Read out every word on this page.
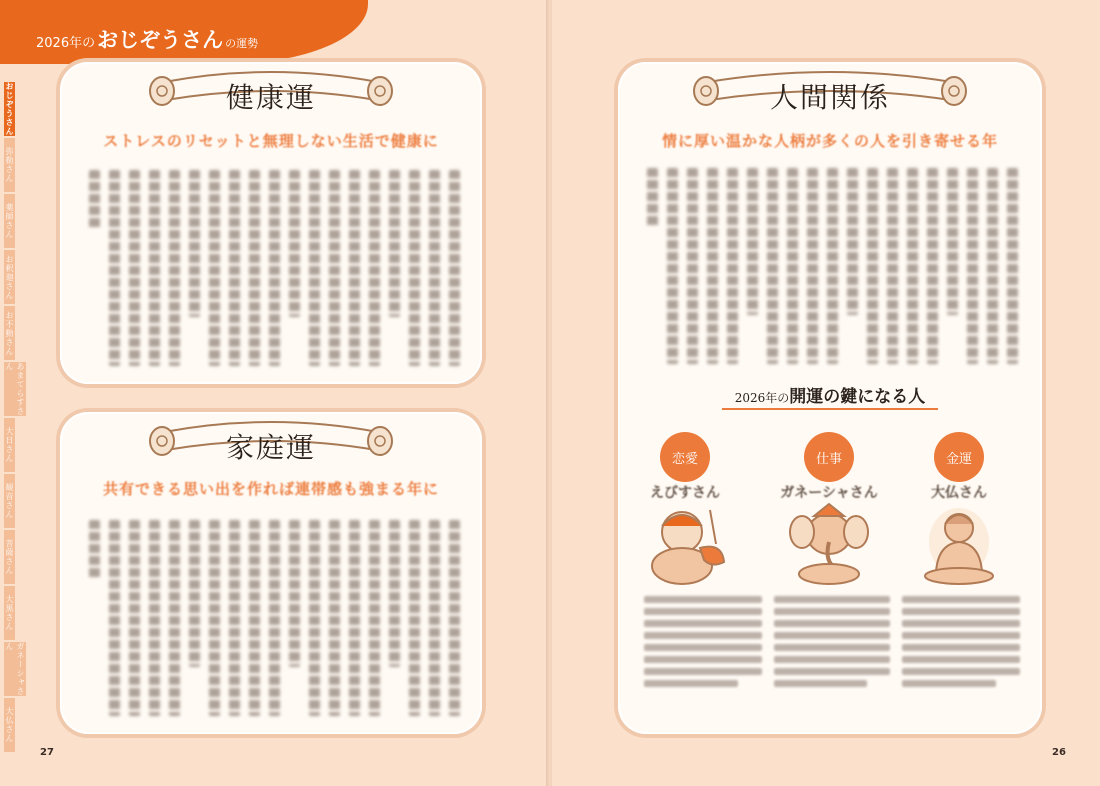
2026年のおじぞうさん の運勢
おじぞうさん
弥勒さん
薬師さん
お釈迦さん
お不動さん
あまてらすさん
大日さん
観音さん
菩薩さん
大黒さん
ガネーシャさん
大仏さん
健康運
ストレスのリセットと無理しない生活で健康に
家庭運
共有できる思い出を作れば連帯感も強まる年に
27
人間関係
情に厚い温かな人柄が多くの人を引き寄せる年
2026年の開運の鍵になる人
恋愛
えびすさん
仕事
ガネーシャさん
金運
大仏さん
26
